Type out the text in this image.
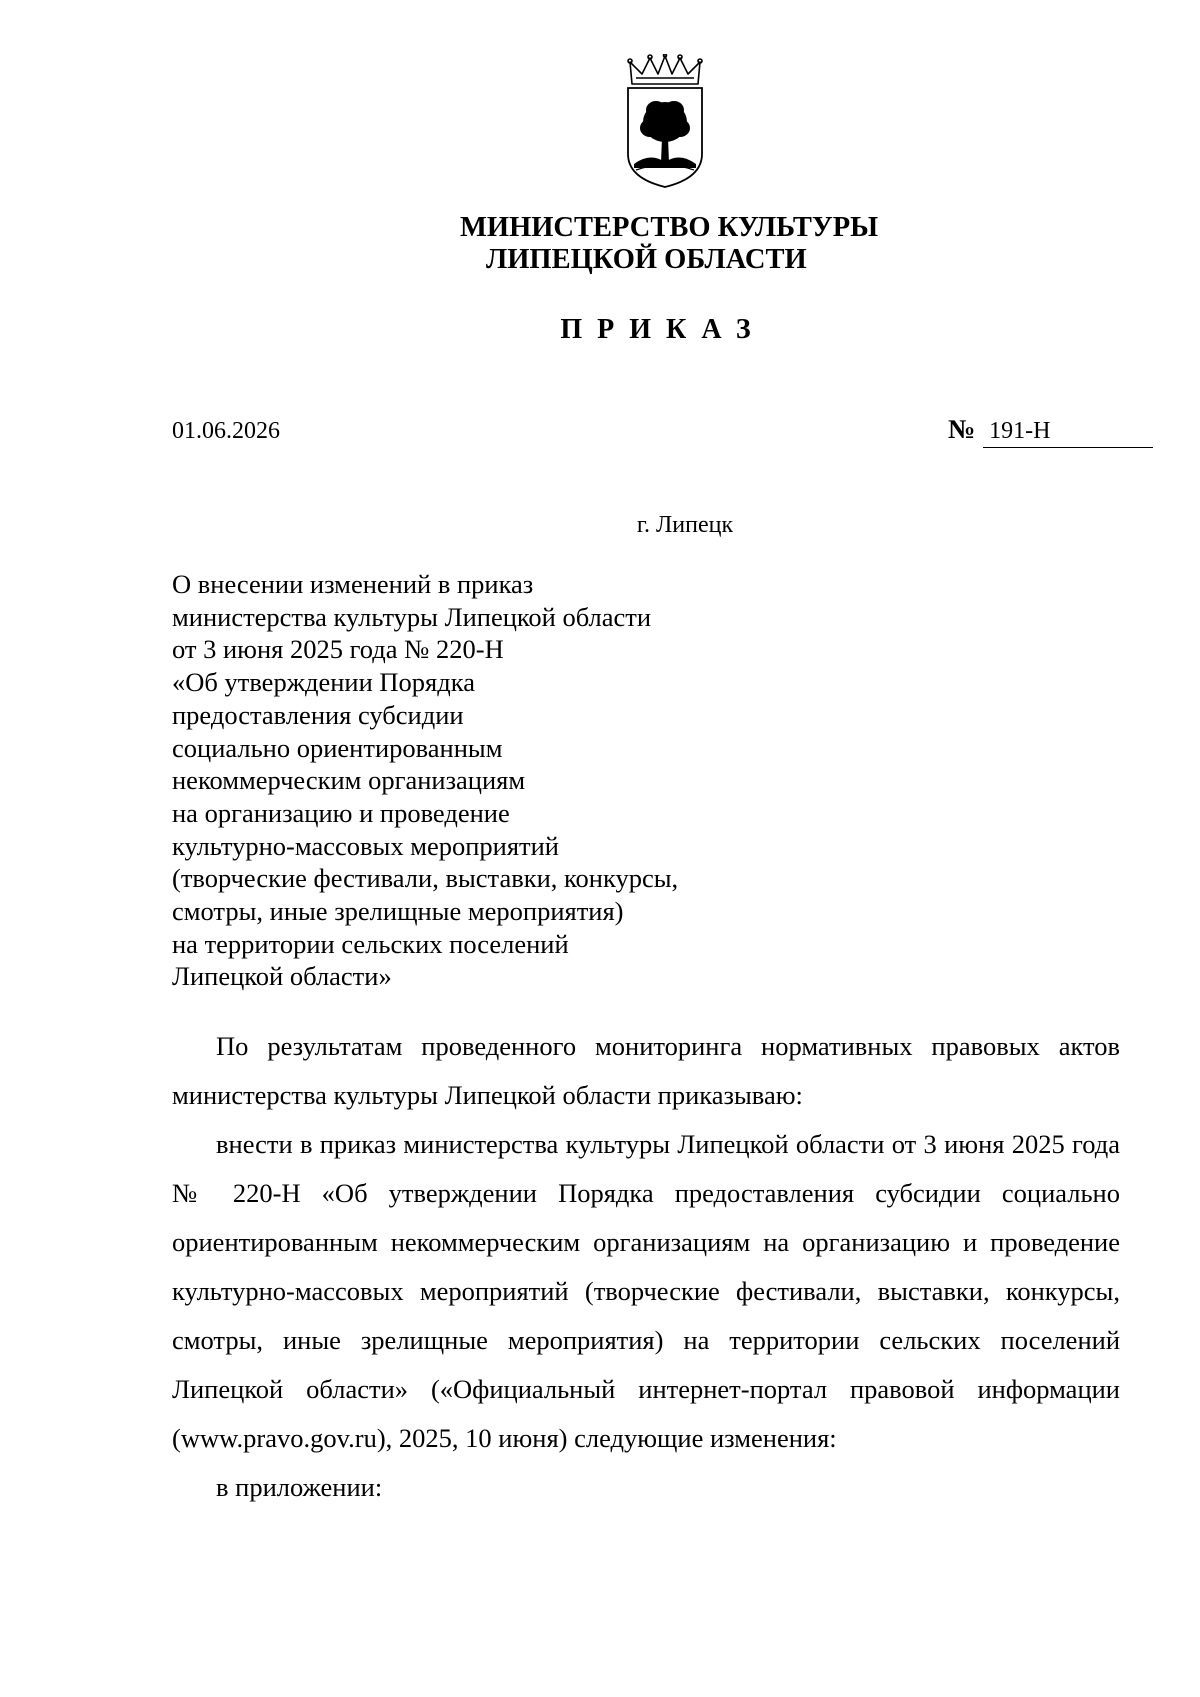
МИНИСТЕРСТВО КУЛЬТУРЫ
ЛИПЕЦКОЙ ОБЛАСТИ
ПРИКАЗ
01.06.2026	№ 191-Н
г. Липецк
О внесении изменений в приказ
министерства культуры Липецкой области
от 3 июня 2025 года № 220-Н
«Об утверждении Порядка
предоставления субсидии
социально ориентированным
некоммерческим организациям
на организацию и проведение
культурно-массовых мероприятий
(творческие фестивали, выставки, конкурсы,
смотры, иные зрелищные мероприятия)
на территории сельских поселений
Липецкой области»

По результатам проведенного мониторинга нормативных правовых актов министерства культуры Липецкой области приказываю:

внести в приказ министерства культуры Липецкой области от 3 июня 2025 года № 220-Н «Об утверждении Порядка предоставления субсидии социально ориентированным некоммерческим организациям на организацию и проведение культурно-массовых мероприятий (творческие фестивали, выставки, конкурсы, смотры, иные зрелищные мероприятия) на территории сельских поселений Липецкой области» («Официальный интернет-портал правовой информации (www.pravo.gov.ru), 2025, 10 июня) следующие изменения:

в приложении:
